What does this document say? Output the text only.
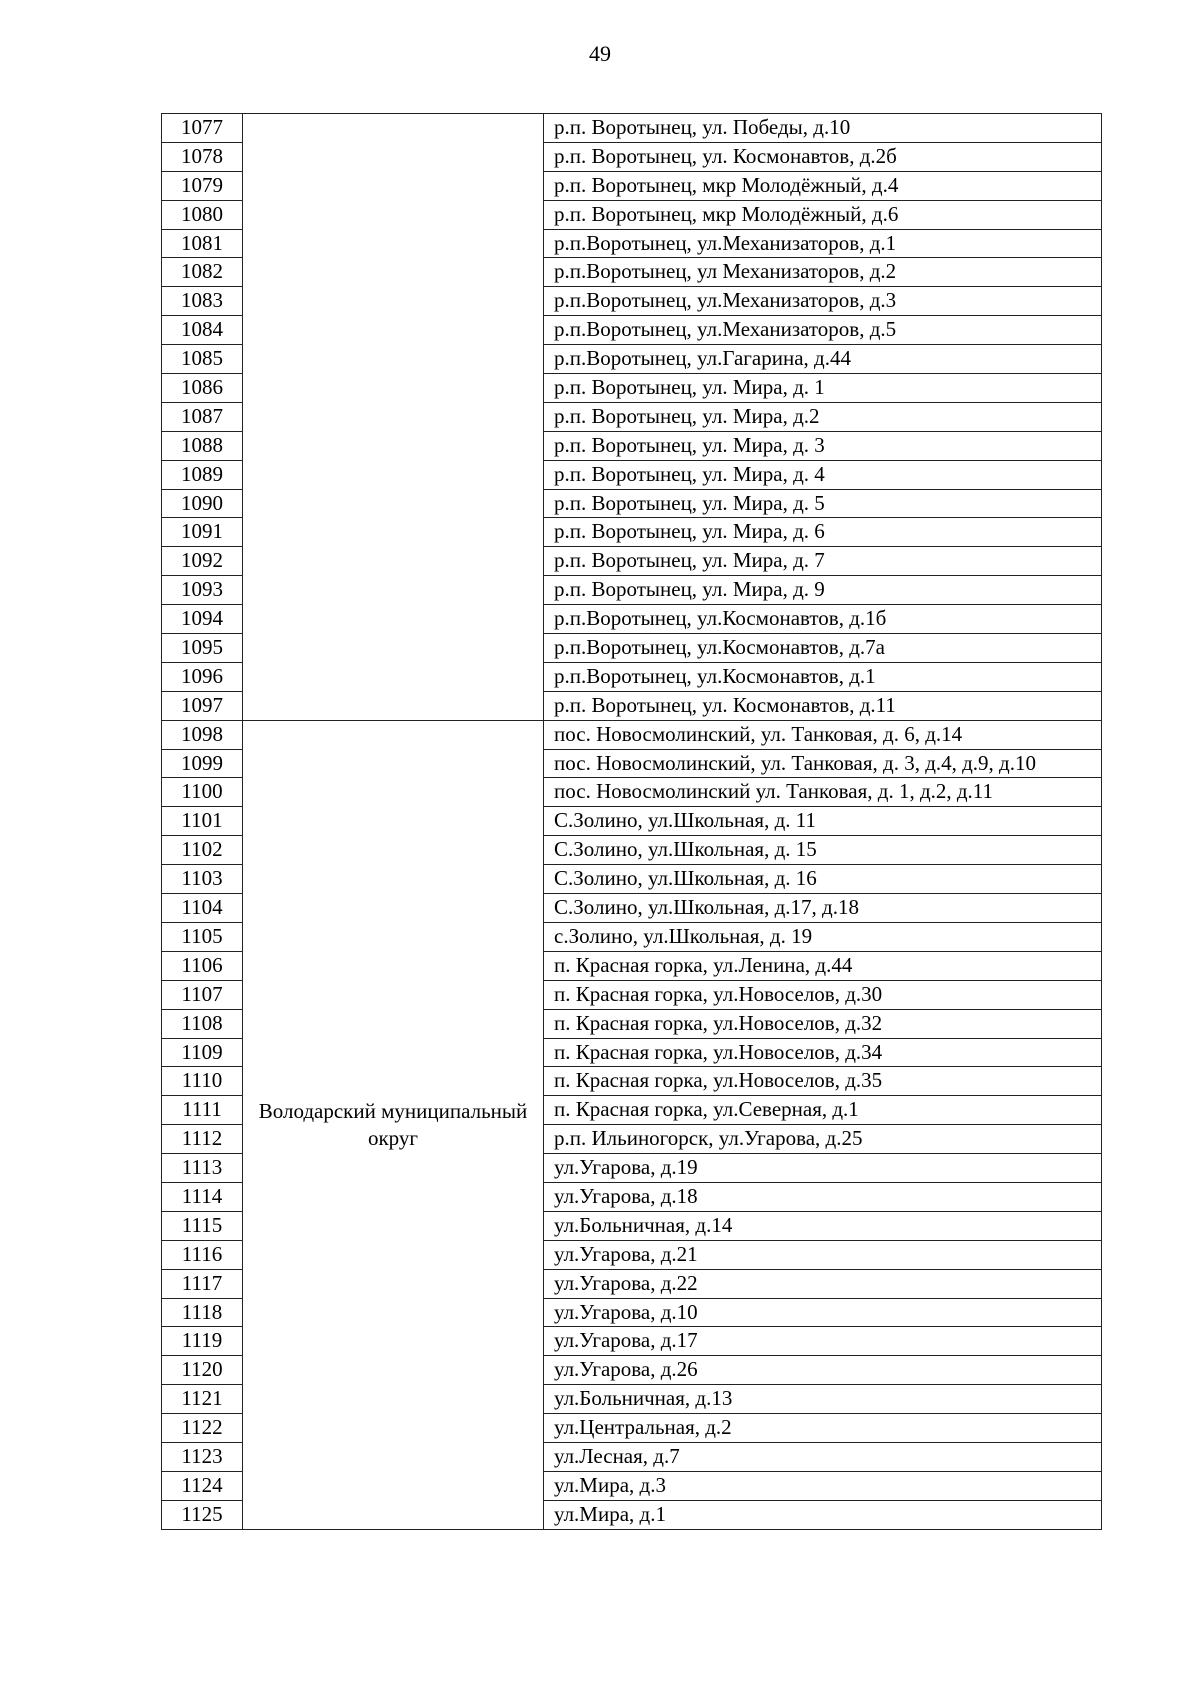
49
1077		р.п. Воротынец, ул. Победы, д.10
1078		р.п. Воротынец, ул. Космонавтов, д.2б
1079		р.п. Воротынец, мкр Молодёжный, д.4
1080		р.п. Воротынец, мкр Молодёжный, д.6
1081		р.п.Воротынец, ул.Механизаторов, д.1
1082		р.п.Воротынец, ул Механизаторов, д.2
1083		р.п.Воротынец, ул.Механизаторов, д.3
1084		р.п.Воротынец, ул.Механизаторов, д.5
1085		р.п.Воротынец, ул.Гагарина, д.44
1086		р.п. Воротынец, ул. Мира, д. 1
1087		р.п. Воротынец, ул. Мира, д.2
1088		р.п. Воротынец, ул. Мира, д. 3
1089		р.п. Воротынец, ул. Мира, д. 4
1090		р.п. Воротынец, ул. Мира, д. 5
1091		р.п. Воротынец, ул. Мира, д. 6
1092		р.п. Воротынец, ул. Мира, д. 7
1093		р.п. Воротынец, ул. Мира, д. 9
1094		р.п.Воротынец, ул.Космонавтов, д.1б
1095		р.п.Воротынец, ул.Космонавтов, д.7а
1096		р.п.Воротынец, ул.Космонавтов, д.1
1097		р.п. Воротынец, ул. Космонавтов, д.11
1098	Володарский муниципальный округ	пос. Новосмолинский, ул. Танковая, д. 6, д.14
1099		пос. Новосмолинский, ул. Танковая, д. 3, д.4, д.9, д.10
1100		пос. Новосмолинский ул. Танковая, д. 1, д.2, д.11
1101		С.Золино, ул.Школьная, д. 11
1102		С.Золино, ул.Школьная, д. 15
1103		С.Золино, ул.Школьная, д. 16
1104		С.Золино, ул.Школьная, д.17, д.18
1105		с.Золино, ул.Школьная, д. 19
1106		п. Красная горка, ул.Ленина, д.44
1107		п. Красная горка, ул.Новоселов, д.30
1108		п. Красная горка, ул.Новоселов, д.32
1109		п. Красная горка, ул.Новоселов, д.34
1110		п. Красная горка, ул.Новоселов, д.35
1111		п. Красная горка, ул.Северная, д.1
1112		р.п. Ильиногорск, ул.Угарова, д.25
1113		ул.Угарова, д.19
1114		ул.Угарова, д.18
1115		ул.Больничная, д.14
1116		ул.Угарова, д.21
1117		ул.Угарова, д.22
1118		ул.Угарова, д.10
1119		ул.Угарова, д.17
1120		ул.Угарова, д.26
1121		ул.Больничная, д.13
1122		ул.Центральная, д.2
1123		ул.Лесная, д.7
1124		ул.Мира, д.3
1125		ул.Мира, д.1
